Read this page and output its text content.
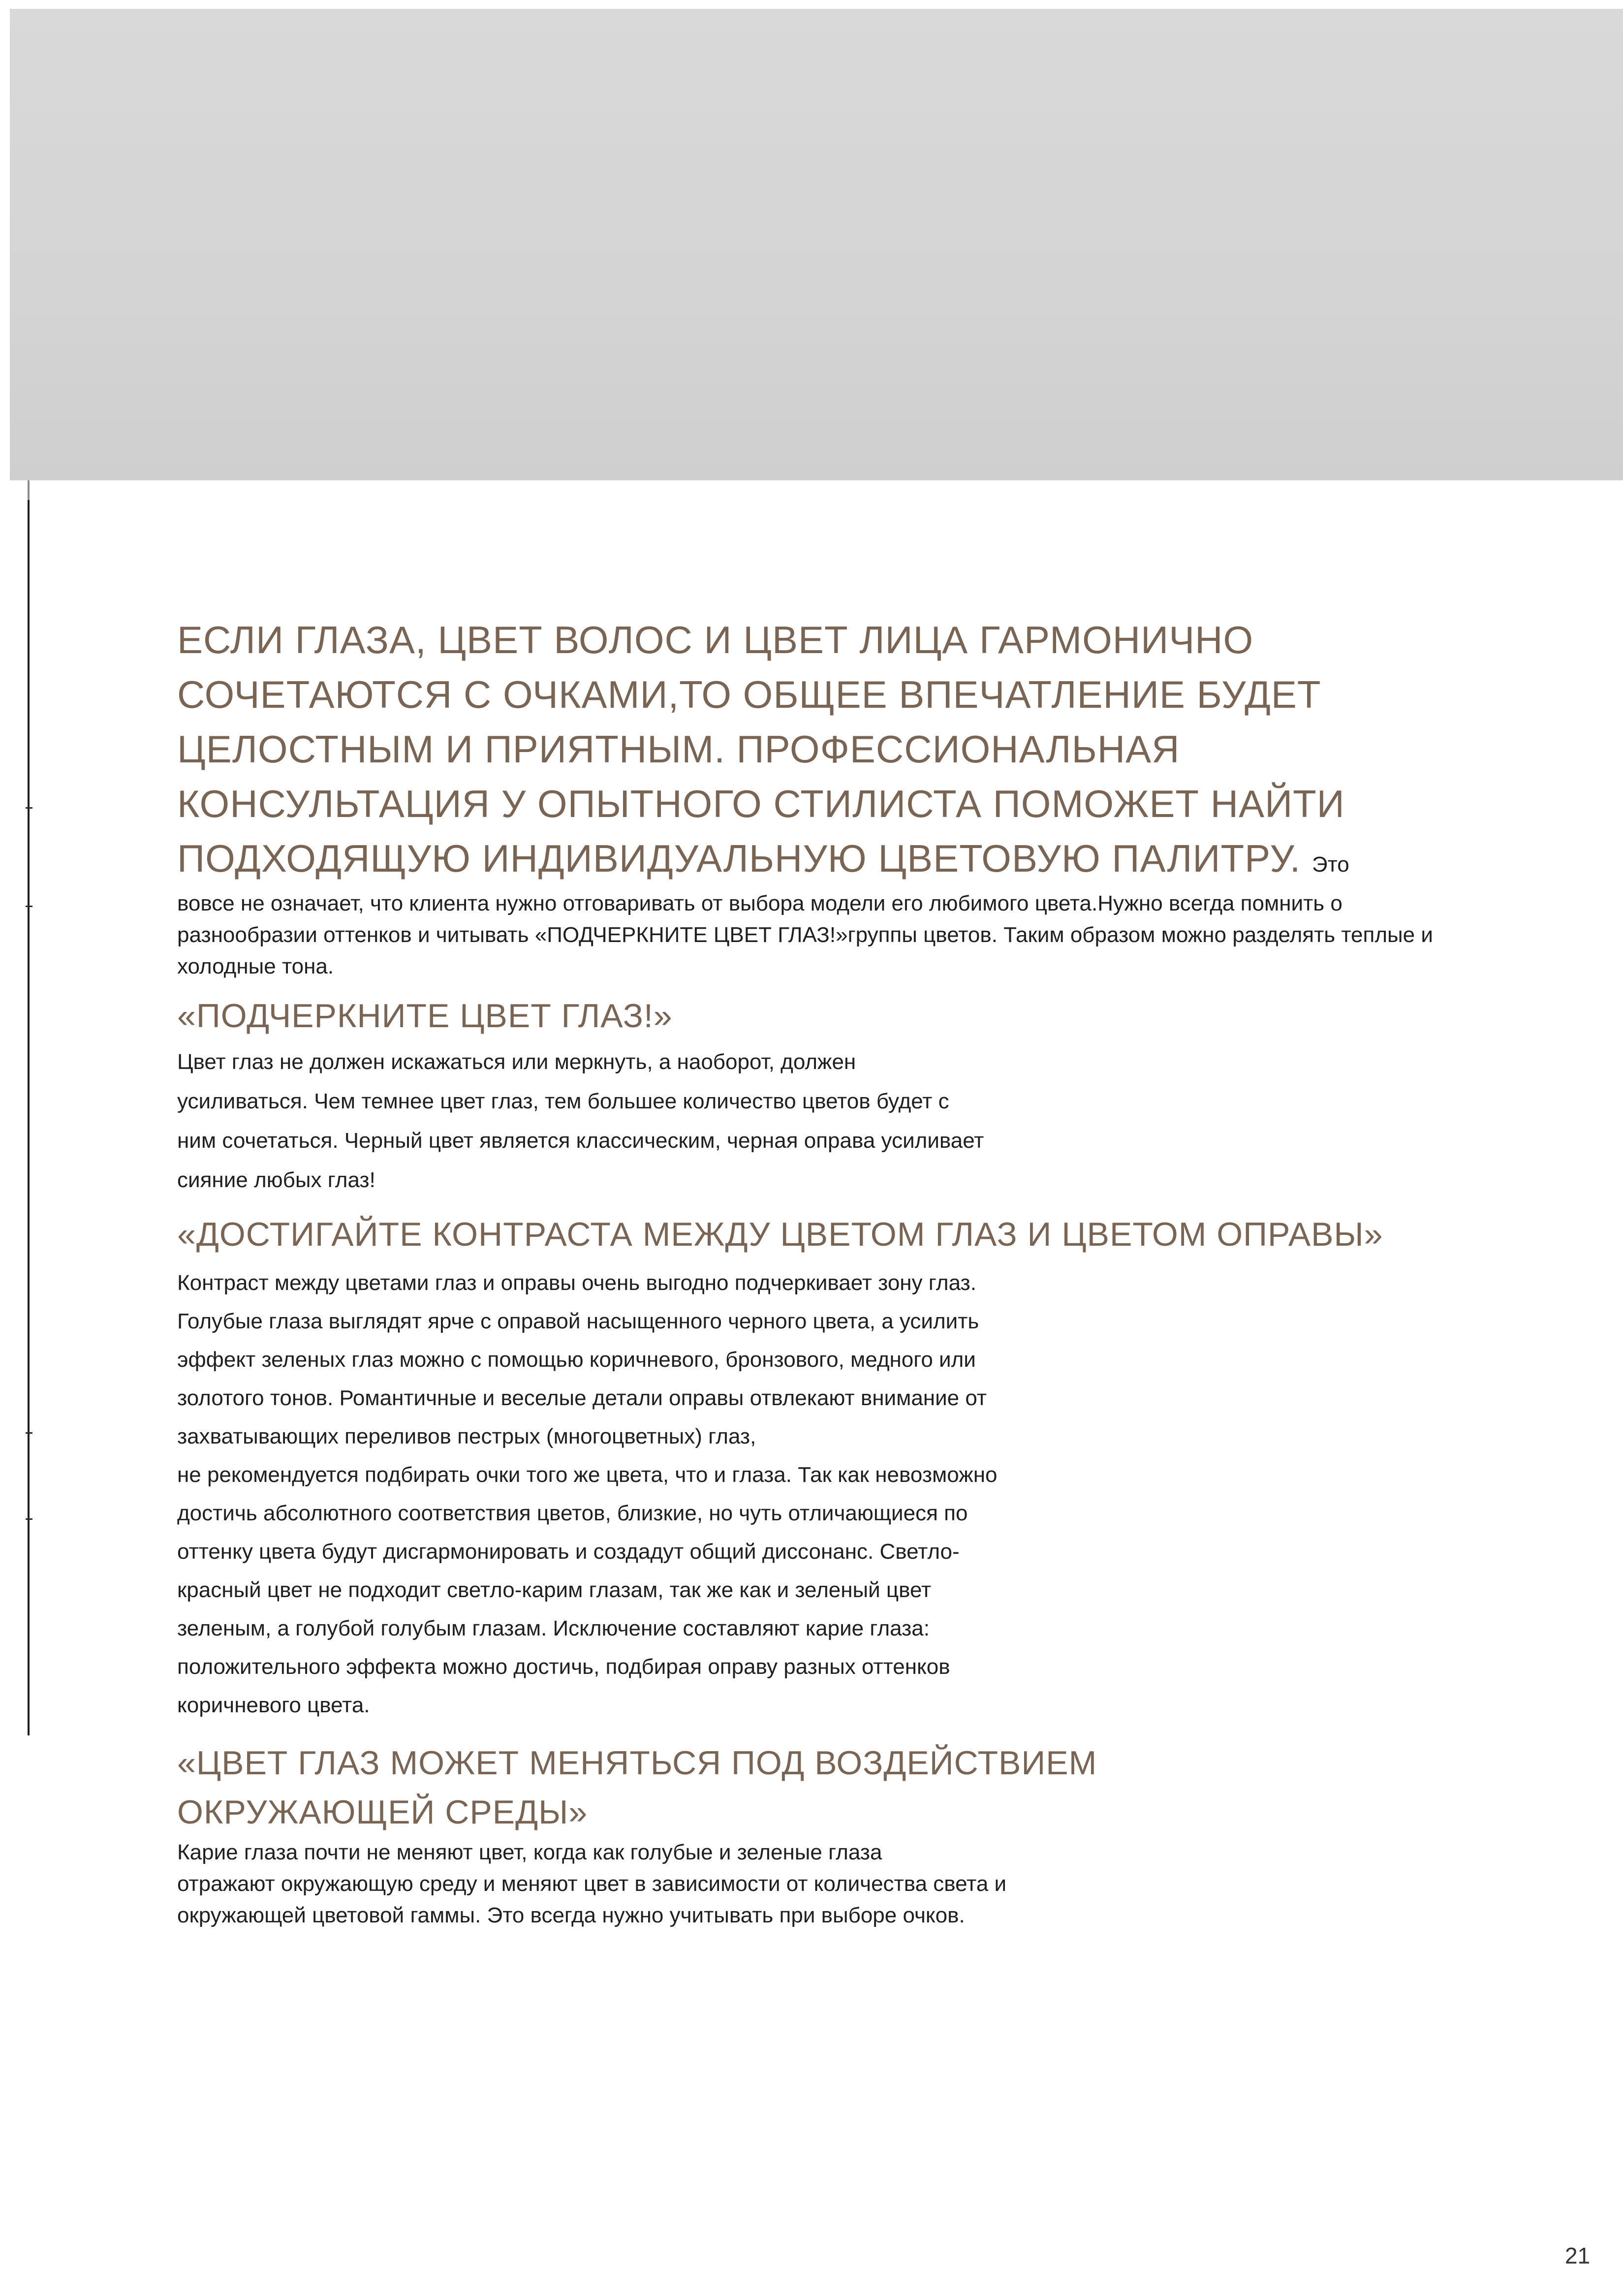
ЕСЛИ ГЛАЗА, ЦВЕТ ВОЛОС И ЦВЕТ ЛИЦА ГАРМОНИЧНО СОЧЕТАЮТСЯ С ОЧКАМИ,ТО ОБЩЕЕ ВПЕЧАТЛЕНИЕ БУДЕТ ЦЕЛОСТНЫМ И ПРИЯТНЫМ. ПРОФЕССИОНАЛЬНАЯ КОНСУЛЬТАЦИЯ У ОПЫТНОГО СТИЛИСТА ПОМОЖЕТ НАЙТИ ПОДХОДЯЩУЮ ИНДИВИДУАЛЬНУЮ ЦВЕТОВУЮ ПАЛИТРУ. Это

вовсе не означает, что клиента нужно отговаривать от выбора модели его любимого цвета.Нужно всегда помнить о разнообразии оттенков и читывать «ПОДЧЕРКНИТЕ ЦВЕТ ГЛАЗ!»группы цветов. Таким образом можно разделять теплые и холодные тона.

«ПОДЧЕРКНИТЕ ЦВЕТ ГЛАЗ!»

Цвет глаз не должен искажаться или меркнуть, а наоборот, должен
усиливаться. Чем темнее цвет глаз, тем большее количество цветов будет с
ним сочетаться. Черный цвет является классическим, черная оправа усиливает
сияние любых глаз!

«ДОСТИГАЙТЕ КОНТРАСТА МЕЖДУ ЦВЕТОМ ГЛАЗ И ЦВЕТОМ ОПРАВЫ»

Контраст между цветами глаз и оправы очень выгодно подчеркивает зону глаз.
Голубые глаза выглядят ярче с оправой насыщенного черного цвета, а усилить
эффект зеленых глаз можно с помощью коричневого, бронзового, медного или
золотого тонов. Романтичные и веселые детали оправы отвлекают внимание от
захватывающих переливов пестрых (многоцветных) глаз,
не рекомендуется подбирать очки того же цвета, что и глаза. Так как невозможно
достичь абсолютного соответствия цветов, близкие, но чуть отличающиеся по
оттенку цвета будут дисгармонировать и создадут общий диссонанс. Светло-
красный цвет не подходит светло-карим глазам, так же как и зеленый цвет
зеленым, а голубой голубым глазам. Исключение составляют карие глаза:
положительного эффекта можно достичь, подбирая оправу разных оттенков
коричневого цвета.

«ЦВЕТ ГЛАЗ МОЖЕТ МЕНЯТЬСЯ ПОД ВОЗДЕЙСТВИЕМ
ОКРУЖАЮЩЕЙ СРЕДЫ»

Карие глаза почти не меняют цвет, когда как голубые и зеленые глаза
отражают окружающую среду и меняют цвет в зависимости от количества света и
окружающей цветовой гаммы. Это всегда нужно учитывать при выборе очков.

21
